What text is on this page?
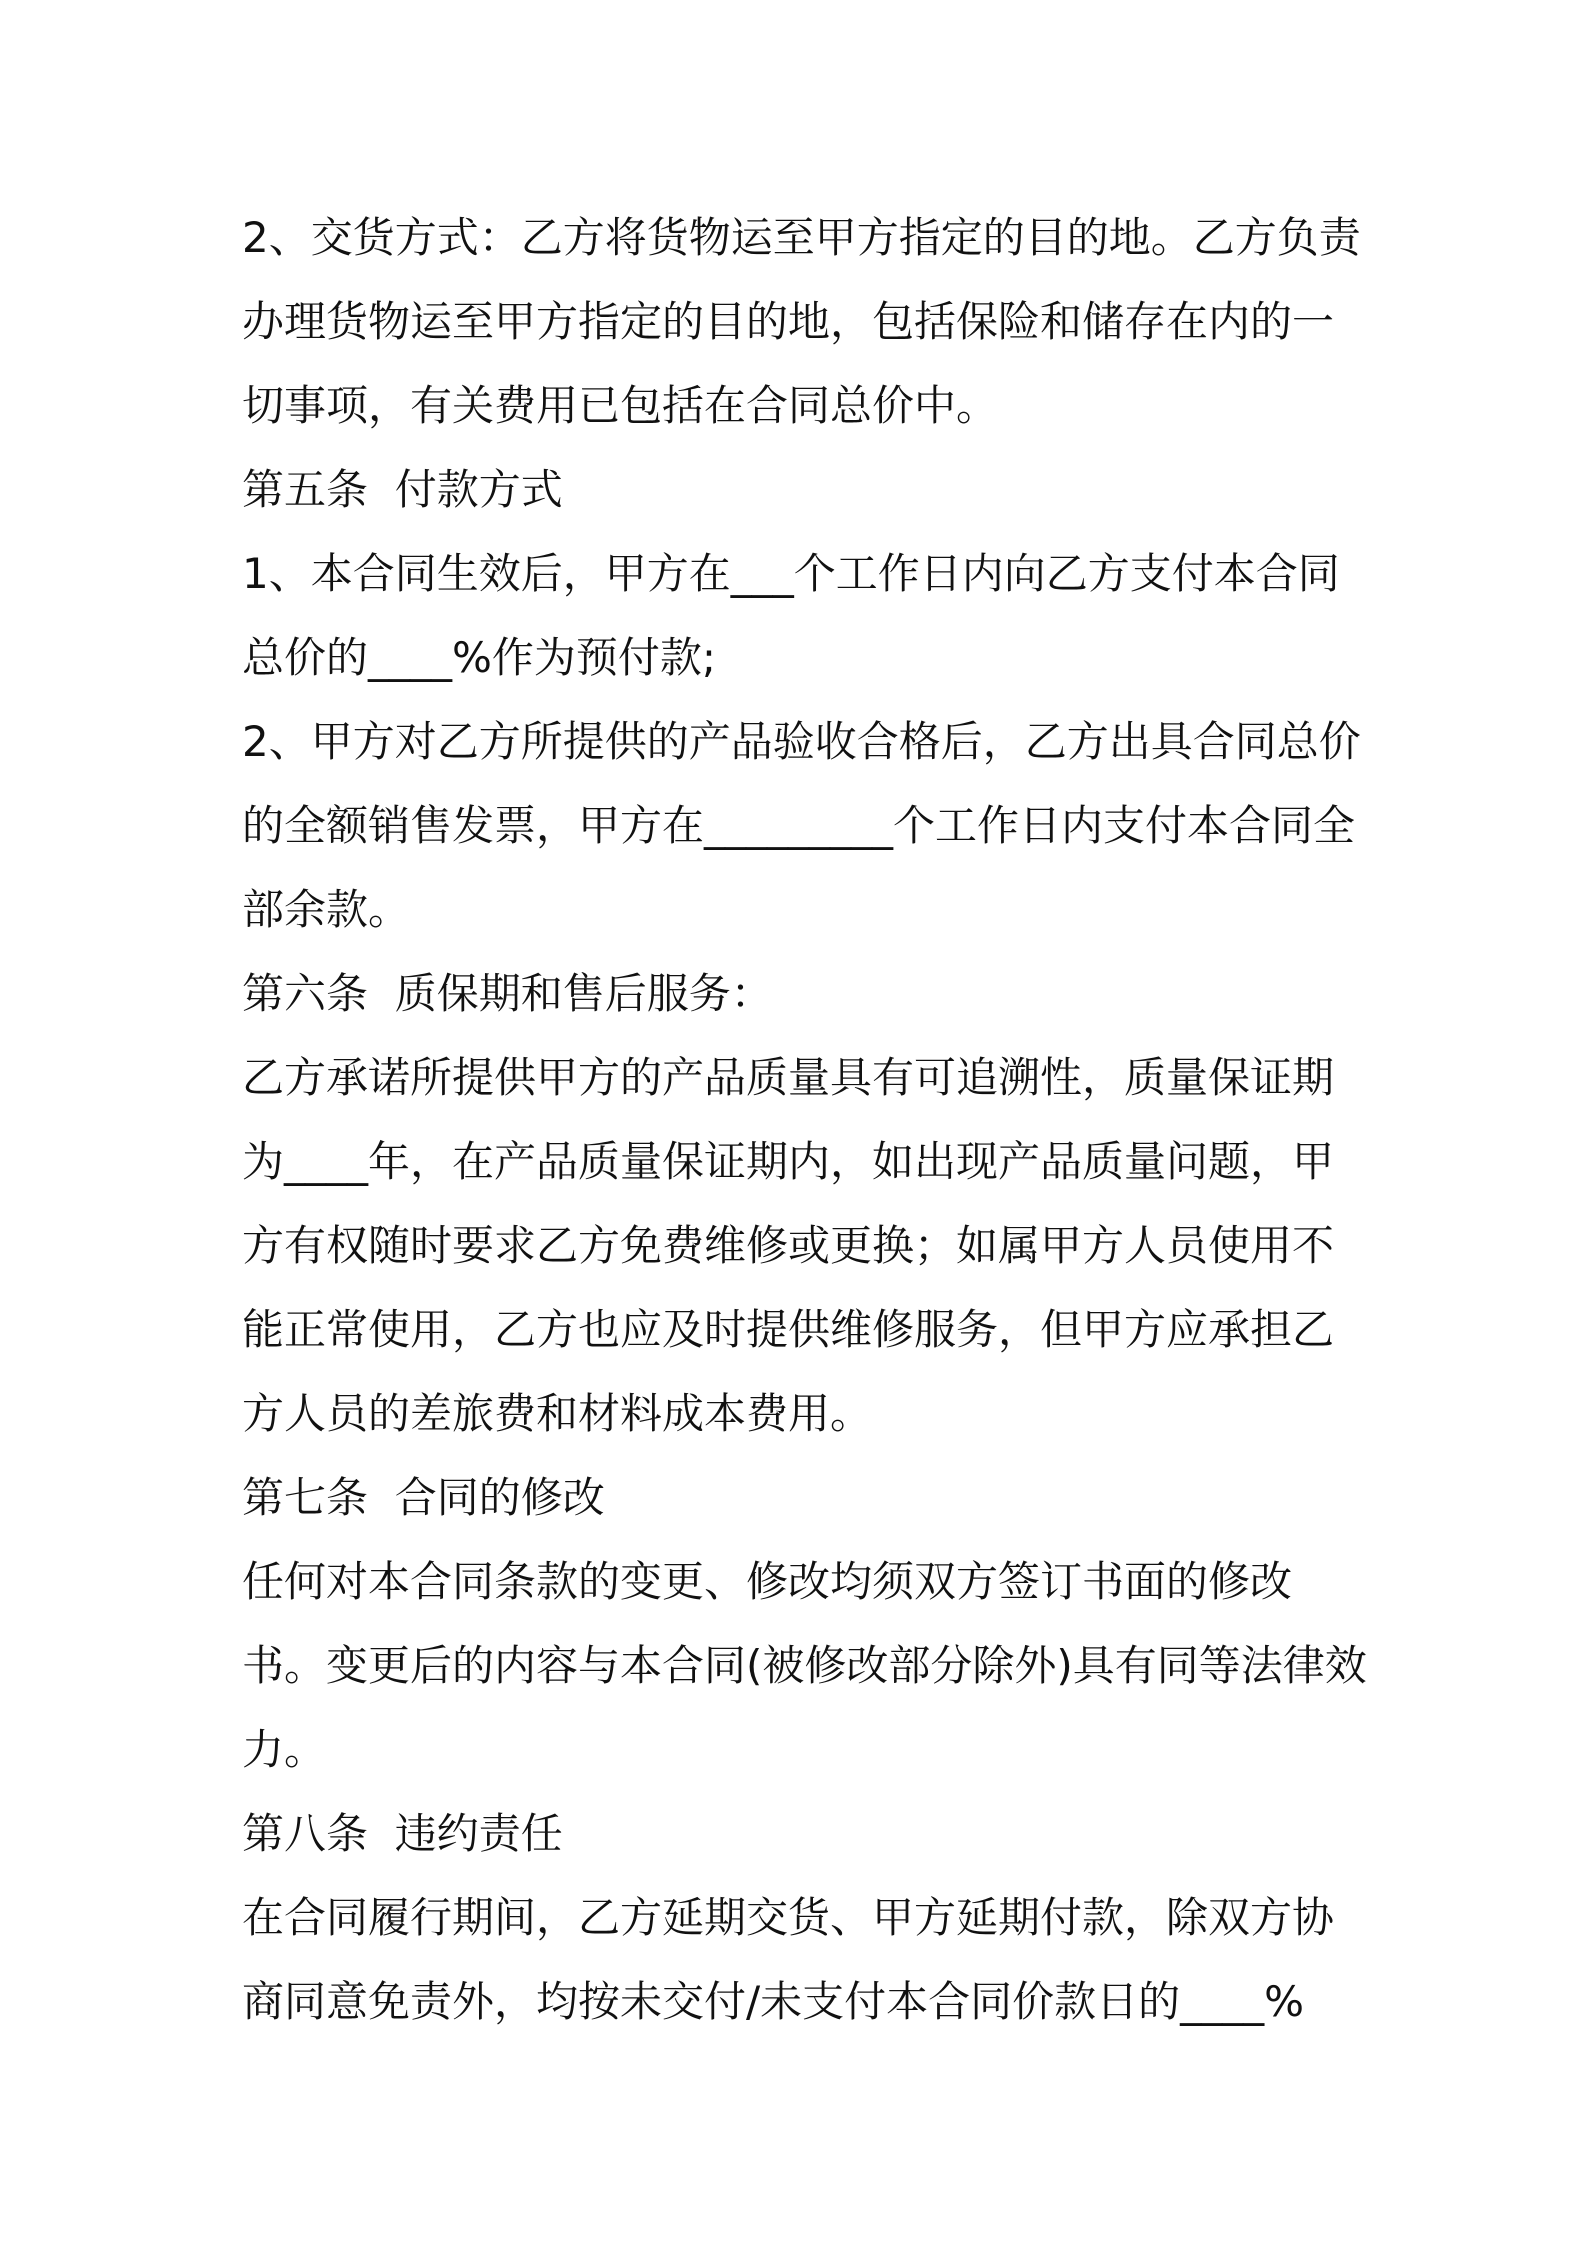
2、交货方式：乙方将货物运至甲方指定的目的地。乙方负责办理货物运至甲方指定的目的地，包括保险和储存在内的一切事项，有关费用已包括在合同总价中。

第五条  付款方式

1、本合同生效后，甲方在___个工作日内向乙方支付本合同总价的____%作为预付款;

2、甲方对乙方所提供的产品验收合格后，乙方出具合同总价的全额销售发票，甲方在_________个工作日内支付本合同全部余款。

第六条  质保期和售后服务：

乙方承诺所提供甲方的产品质量具有可追溯性，质量保证期为____年，在产品质量保证期内，如出现产品质量问题，甲方有权随时要求乙方免费维修或更换；如属甲方人员使用不能正常使用，乙方也应及时提供维修服务，但甲方应承担乙方人员的差旅费和材料成本费用。

第七条  合同的修改

任何对本合同条款的变更、修改均须双方签订书面的修改书。变更后的内容与本合同(被修改部分除外)具有同等法律效力。

第八条  违约责任

在合同履行期间，乙方延期交货、甲方延期付款，除双方协商同意免责外，均按未交付/未支付本合同价款日的____%
